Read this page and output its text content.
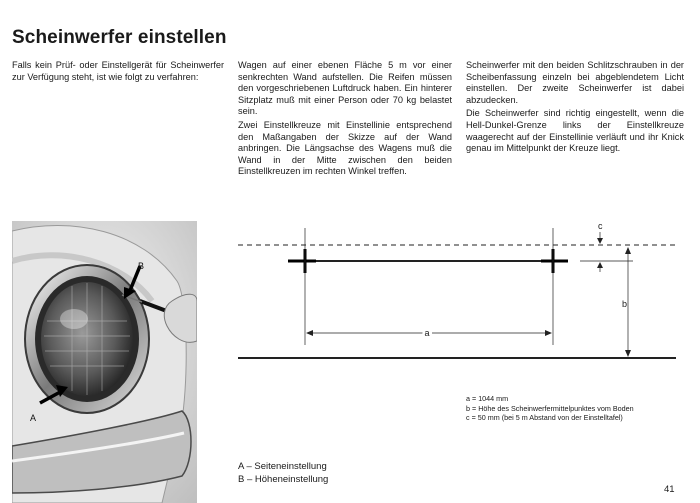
Scheinwerfer einstellen

Falls kein Prüf- oder Einstellgerät für Scheinwerfer zur Verfügung steht, ist wie folgt zu verfahren:

Wagen auf einer ebenen Fläche 5 m vor einer senkrechten Wand aufstellen. Die Reifen müssen den vorgeschriebenen Luftdruck haben. Ein hinterer Sitzplatz muß mit einer Person oder 70 kg belastet sein.

Zwei Einstellkreuze mit Einstellinie entsprechend den Maßangaben der Skizze auf der Wand anbringen. Die Längsachse des Wagens muß die Wand in der Mitte zwischen den beiden Einstellkreuzen im rechten Winkel treffen.

Scheinwerfer mit den beiden Schlitzschrauben in der Scheibenfassung einzeln bei abgeblendetem Licht einstellen. Der zweite Scheinwerfer ist dabei abzudecken.

Die Scheinwerfer sind richtig eingestellt, wenn die Hell-Dunkel-Grenze links der Einstellkreuze waagerecht auf der Einstellinie verläuft und ihr Knick genau im Mittelpunkt der Kreuze liegt.

B
A
a
b
c
a = 1044 mm
b = Höhe des Scheinwerfermittelpunktes vom Boden
c = 50 mm (bei 5 m Abstand von der Einstelltafel)
A – Seiteneinstellung
B – Höheneinstellung
41
